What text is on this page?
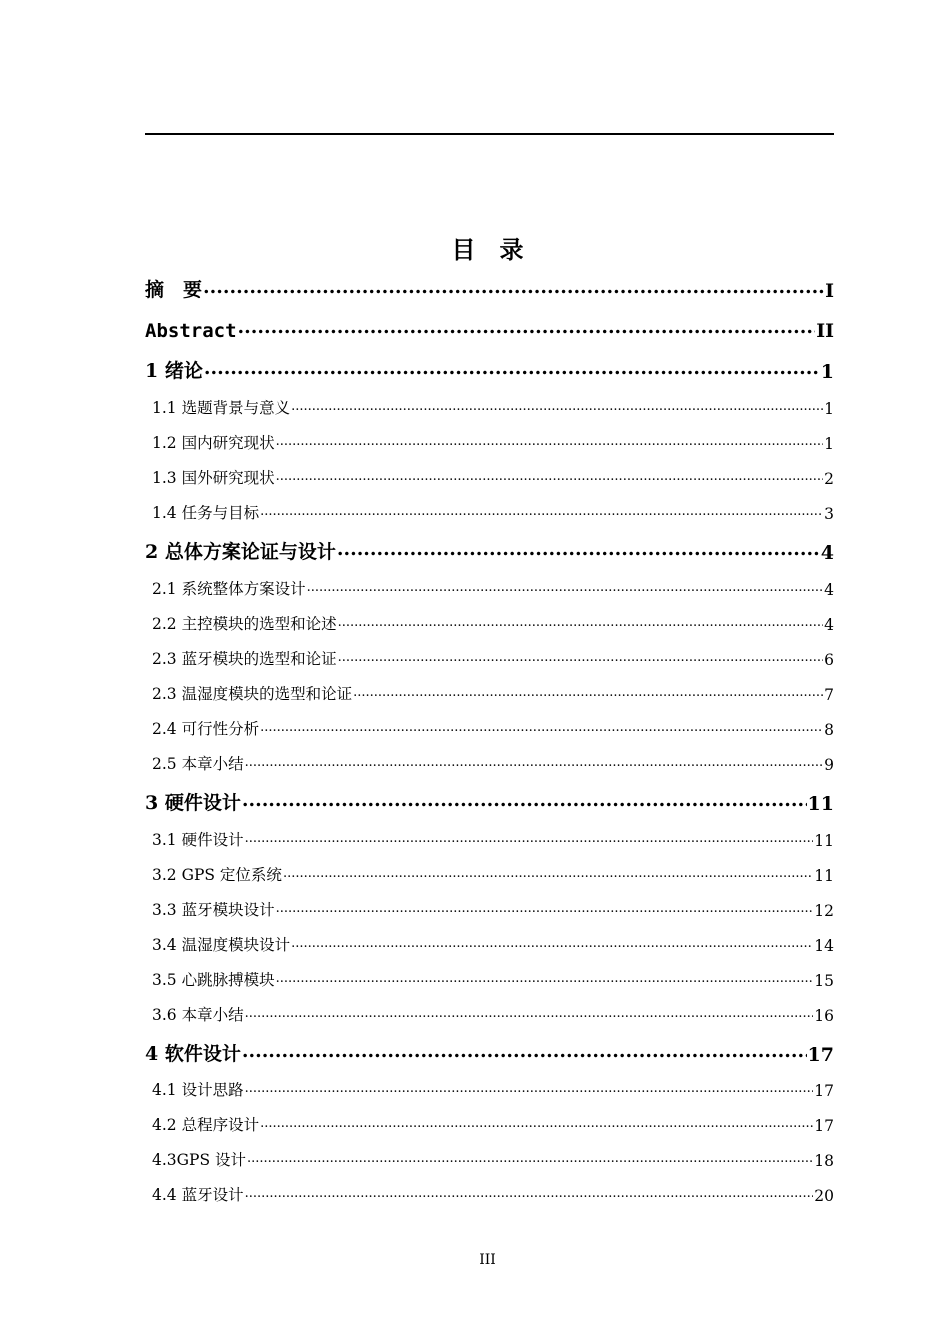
目　录
摘　要 .....	I
Abstract .....	II
1 绪论 .....	1
1.1 选题背景与意义 .....	1
1.2 国内研究现状 .....	1
1.3 国外研究现状 .....	2
1.4 任务与目标 .....	3
2 总体方案论证与设计 .....	4
2.1 系统整体方案设计 .....	4
2.2 主控模块的选型和论述 .....	4
2.3 蓝牙模块的选型和论证 .....	6
2.3 温湿度模块的选型和论证 .....	7
2.4 可行性分析 .....	8
2.5 本章小结 .....	9
3 硬件设计 .....	11
3.1 硬件设计 .....	11
3.2 GPS 定位系统 .....	11
3.3 蓝牙模块设计 .....	12
3.4 温湿度模块设计 .....	14
3.5 心跳脉搏模块 .....	15
3.6 本章小结 .....	16
4 软件设计 .....	17
4.1 设计思路 .....	17
4.2 总程序设计 .....	17
4.3GPS 设计 .....	18
4.4 蓝牙设计 .....	20
III
